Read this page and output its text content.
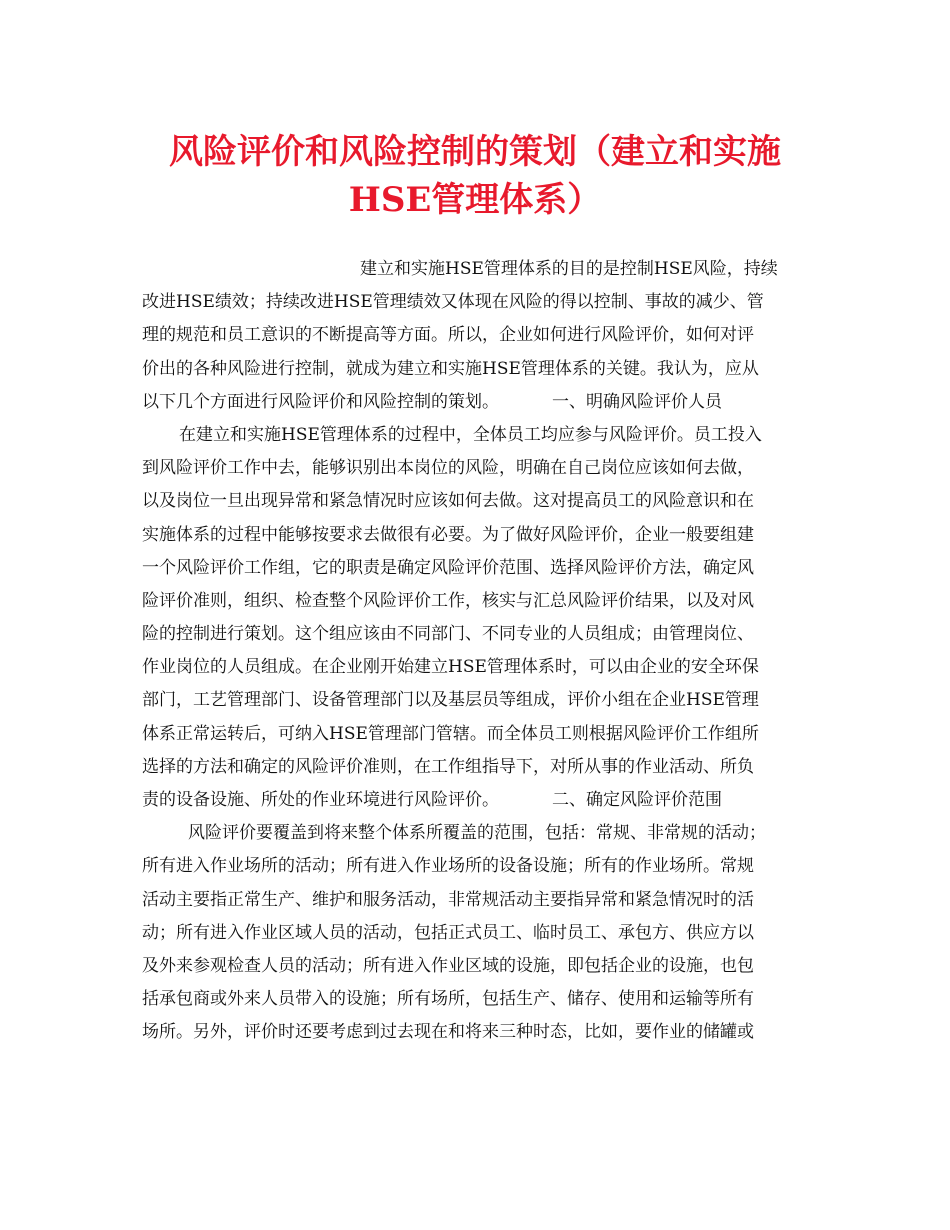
风险评价和风险控制的策划（建立和实施
HSE管理体系）
建立和实施HSE管理体系的目的是控制HSE风险，持续
改进HSE绩效；持续改进HSE管理绩效又体现在风险的得以控制、事故的减少、管
理的规范和员工意识的不断提高等方面。所以，企业如何进行风险评价，如何对评
价出的各种风险进行控制，就成为建立和实施HSE管理体系的关键。我认为，应从
以下几个方面进行风险评价和风险控制的策划。	一、明确风险评价人员
在建立和实施HSE管理体系的过程中，全体员工均应参与风险评价。员工投入
到风险评价工作中去，能够识别出本岗位的风险，明确在自己岗位应该如何去做，
以及岗位一旦出现异常和紧急情况时应该如何去做。这对提高员工的风险意识和在
实施体系的过程中能够按要求去做很有必要。为了做好风险评价，企业一般要组建
一个风险评价工作组，它的职责是确定风险评价范围、选择风险评价方法，确定风
险评价准则，组织、检查整个风险评价工作，核实与汇总风险评价结果，以及对风
险的控制进行策划。这个组应该由不同部门、不同专业的人员组成；由管理岗位、
作业岗位的人员组成。在企业刚开始建立HSE管理体系时，可以由企业的安全环保
部门，工艺管理部门、设备管理部门以及基层员等组成，评价小组在企业HSE管理
体系正常运转后，可纳入HSE管理部门管辖。而全体员工则根据风险评价工作组所
选择的方法和确定的风险评价准则，在工作组指导下，对所从事的作业活动、所负
责的设备设施、所处的作业环境进行风险评价。	二、确定风险评价范围
风险评价要覆盖到将来整个体系所覆盖的范围，包括：常规、非常规的活动；
所有进入作业场所的活动；所有进入作业场所的设备设施；所有的作业场所。常规
活动主要指正常生产、维护和服务活动，非常规活动主要指异常和紧急情况时的活
动；所有进入作业区域人员的活动，包括正式员工、临时员工、承包方、供应方以
及外来参观检查人员的活动；所有进入作业区域的设施，即包括企业的设施，也包
括承包商或外来人员带入的设施；所有场所，包括生产、储存、使用和运输等所有
场所。另外，评价时还要考虑到过去现在和将来三种时态，比如，要作业的储罐或
